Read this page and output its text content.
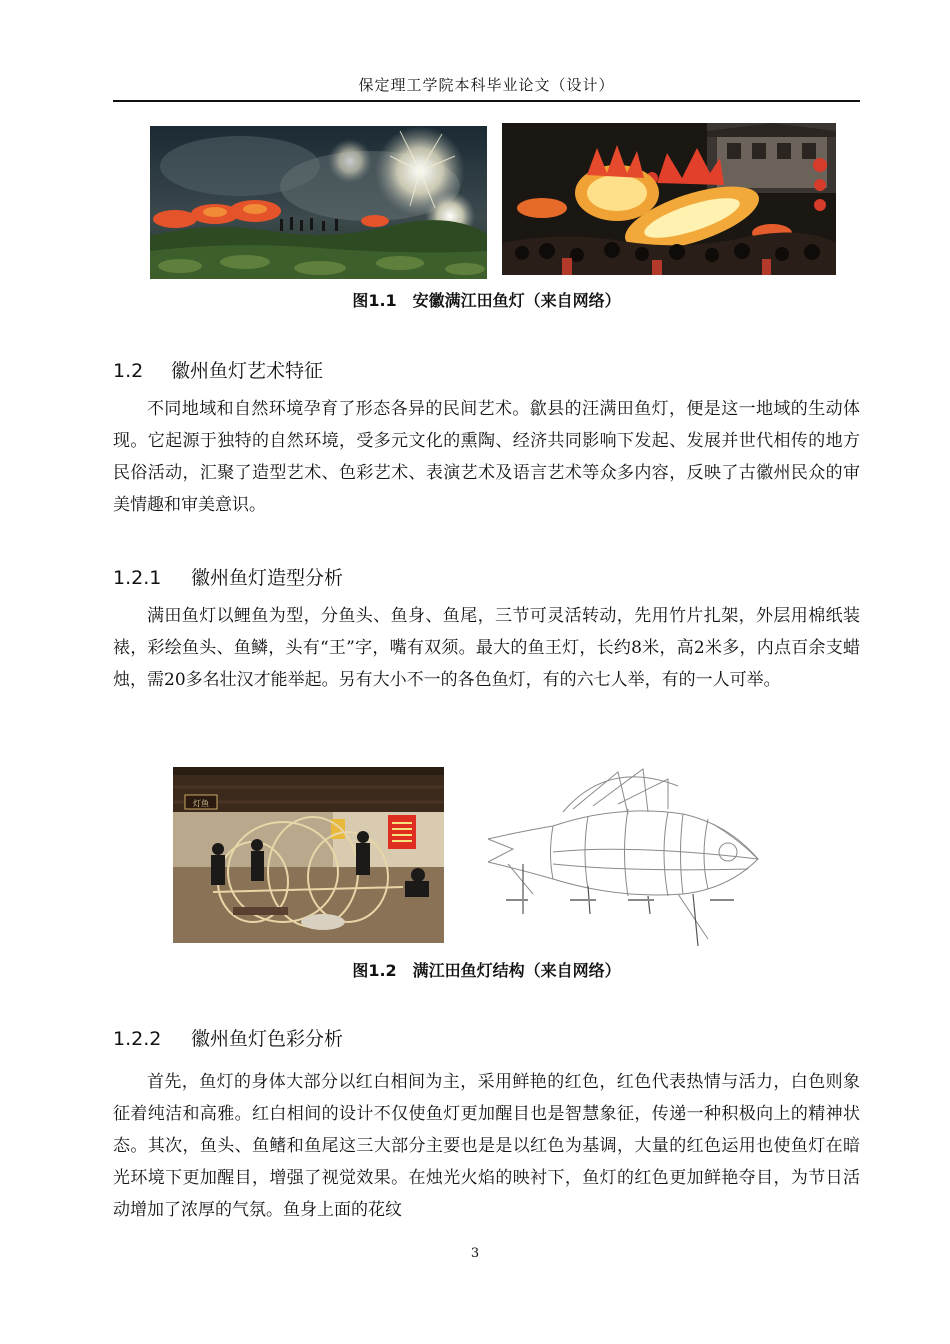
保定理工学院本科毕业论文（设计）
图1.1　安徽满江田鱼灯（来自网络）
1.2 徽州鱼灯艺术特征

不同地域和自然环境孕育了形态各异的民间艺术。歙县的汪满田鱼灯，便是这一地域的生动体现。它起源于独特的自然环境，受多元文化的熏陶、经济共同影响下发起、发展并世代相传的地方民俗活动，汇聚了造型艺术、色彩艺术、表演艺术及语言艺术等众多内容，反映了古徽州民众的审美情趣和审美意识。

1.2.1 徽州鱼灯造型分析

满田鱼灯以鲤鱼为型，分鱼头、鱼身、鱼尾，三节可灵活转动，先用竹片扎架，外层用棉纸装裱，彩绘鱼头、鱼鳞，头有“王”字，嘴有双须。最大的鱼王灯，长约8米，高2米多，内点百余支蜡烛，需20多名壮汉才能举起。另有大小不一的各色鱼灯，有的六七人举，有的一人可举。

灯鱼
图1.2　满江田鱼灯结构（来自网络）
1.2.2 徽州鱼灯色彩分析

首先，鱼灯的身体大部分以红白相间为主，采用鲜艳的红色，红色代表热情与活力，白色则象征着纯洁和高雅。红白相间的设计不仅使鱼灯更加醒目也是智慧象征，传递一种积极向上的精神状态。其次，鱼头、鱼鳍和鱼尾这三大部分主要也是是以红色为基调，大量的红色运用也使鱼灯在暗光环境下更加醒目，增强了视觉效果。在烛光火焰的映衬下，鱼灯的红色更加鲜艳夺目，为节日活动增加了浓厚的气氛。鱼身上面的花纹

3
